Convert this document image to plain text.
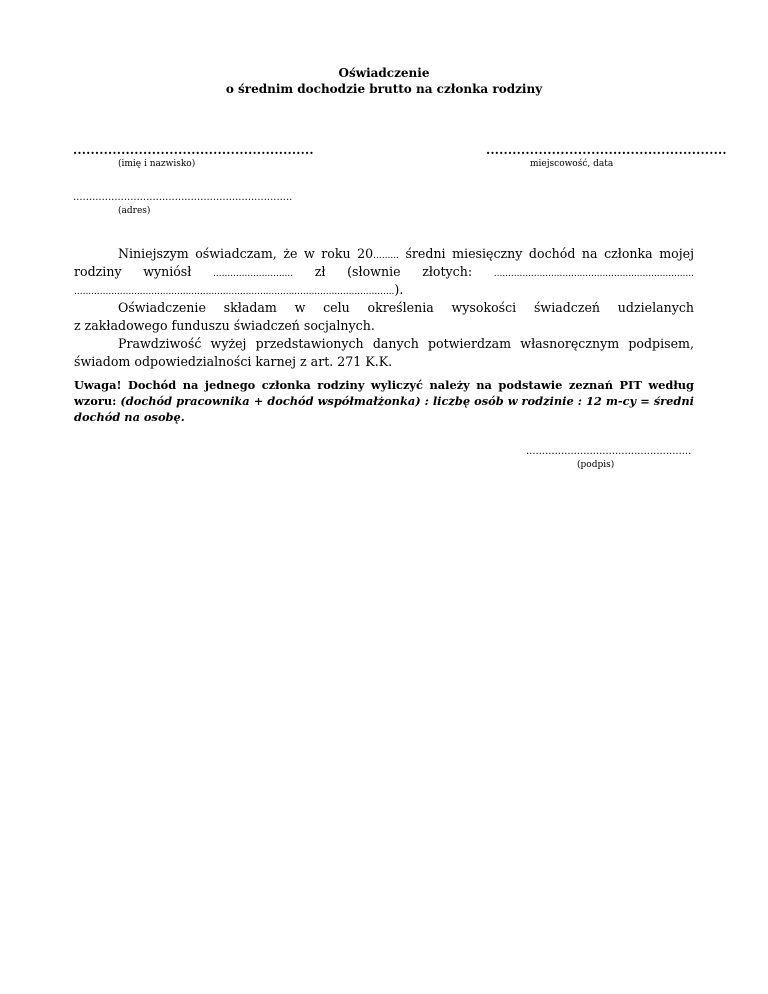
Oświadczenie
o średnim dochodzie brutto na członka rodziny
.......................................................
(imię i nazwisko)
.......................................................
miejscowość, data
.....................................................................
(adres)
Niniejszym oświadczam, że w roku 20......... średni miesięczny dochód na członka mojej
rodziny wyniósł ............................ zł (słownie złotych: ......................................................................
................................................................................................................).
Oświadczenie składam w celu określenia wysokości świadczeń udzielanych
z zakładowego funduszu świadczeń socjalnych.
Prawdziwość wyżej przedstawionych danych potwierdzam własnoręcznym podpisem,
świadom odpowiedzialności karnej z art. 271 K.K.
Uwaga! Dochód na jednego członka rodziny wyliczyć należy na podstawie zeznań PIT według
wzoru: (dochód pracownika + dochód współmałżonka) : liczbę osób w rodzinie : 12 m-cy = średni
dochód na osobę.
....................................................
(podpis)
